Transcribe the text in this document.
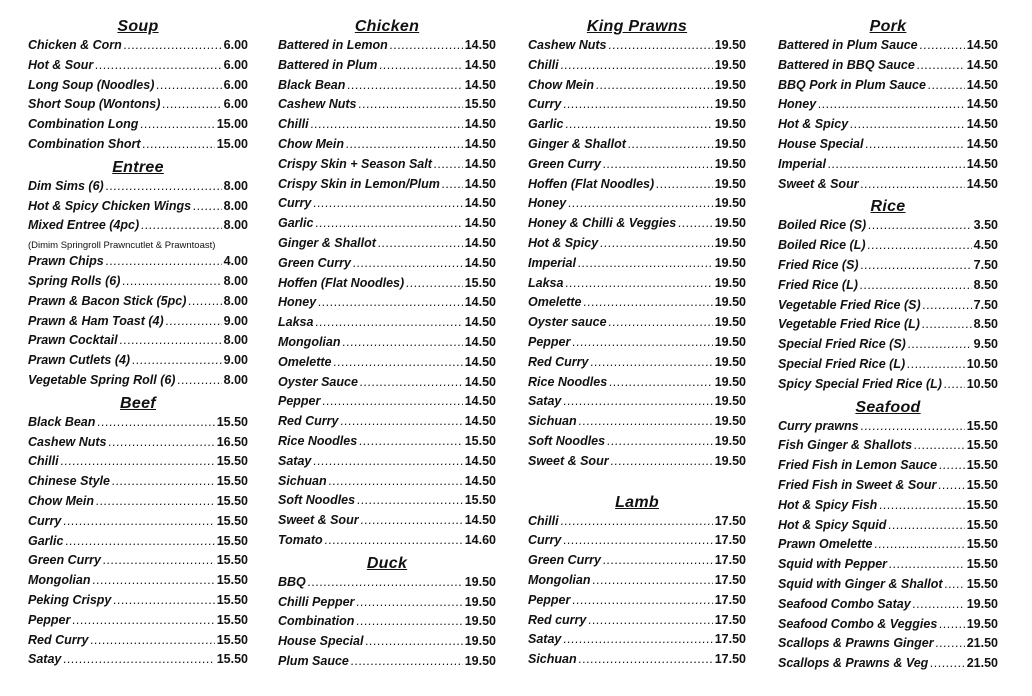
Soup
Chicken & Corn .....	6.00
Hot & Sour .....	6.00
Long Soup (Noodles) .....	6.00
Short Soup (Wontons) .....	6.00
Combination Long .....	15.00
Combination Short .....	15.00
Entree
Dim Sims (6) .....	8.00
Hot & Spicy Chicken Wings .....	8.00
Mixed Entree (4pc) .....	8.00
(Dimim Springroll Prawncutlet & Prawntoast)
Prawn Chips .....	4.00
Spring Rolls (6) .....	8.00
Prawn & Bacon Stick (5pc) .....	8.00
Prawn & Ham Toast (4) .....	9.00
Prawn Cocktail .....	8.00
Prawn Cutlets (4) .....	9.00
Vegetable Spring Roll (6) .....	8.00
Beef
Black Bean .....	15.50
Cashew Nuts .....	16.50
Chilli .....	15.50
Chinese Style .....	15.50
Chow Mein .....	15.50
Curry .....	15.50
Garlic .....	15.50
Green Curry .....	15.50
Mongolian .....	15.50
Peking Crispy .....	15.50
Pepper .....	15.50
Red Curry .....	15.50
Satay .....	15.50
Chicken
Battered in Lemon .....	14.50
Battered in Plum .....	14.50
Black Bean .....	14.50
Cashew Nuts .....	15.50
Chilli .....	14.50
Chow Mein .....	14.50
Crispy Skin + Season Salt .....	14.50
Crispy Skin in Lemon/Plum ..... 14.50
Curry .....	14.50
Garlic .....	14.50
Ginger & Shallot .....	14.50
Green Curry .....	14.50
Hoffen (Flat Noodles) .....	15.50
Honey .....	14.50
Laksa .....	14.50
Mongolian .....	14.50
Omelette .....	14.50
Oyster Sauce .....	14.50
Pepper .....	14.50
Red Curry .....	14.50
Rice Noodles .....	15.50
Satay .....	14.50
Sichuan .....	14.50
Soft Noodles .....	15.50
Sweet & Sour .....	14.50
Tomato .....	14.60
Duck
BBQ .....	19.50
Chilli Pepper .....	19.50
Combination .....	19.50
House Special .....	19.50
Plum Sauce .....	19.50
King Prawns
Cashew Nuts .....	19.50
Chilli .....	19.50
Chow Mein .....	19.50
Curry .....	19.50
Garlic .....	19.50
Ginger & Shallot .....	19.50
Green Curry .....	19.50
Hoffen (Flat Noodles) .....	19.50
Honey .....	19.50
Honey & Chilli & Veggies .....	19.50
Hot & Spicy .....	19.50
Imperial .....	19.50
Laksa .....	19.50
Omelette .....	19.50
Oyster sauce .....	19.50
Pepper .....	19.50
Red Curry .....	19.50
Rice Noodles .....	19.50
Satay .....	19.50
Sichuan .....	19.50
Soft Noodles .....	19.50
Sweet & Sour .....	19.50
Lamb
Chilli .....	17.50
Curry .....	17.50
Green Curry .....	17.50
Mongolian .....	17.50
Pepper .....	17.50
Red curry .....	17.50
Satay .....	17.50
Sichuan .....	17.50
Pork
Battered in Plum Sauce .....	14.50
Battered in BBQ Sauce .....	14.50
BBQ Pork in Plum Sauce .....	14.50
Honey .....	14.50
Hot & Spicy .....	14.50
House Special .....	14.50
Imperial .....	14.50
Sweet & Sour .....	14.50
Rice
Boiled Rice (S) .....	3.50
Boiled Rice (L) .....	4.50
Fried Rice (S) .....	7.50
Fried Rice (L) .....	8.50
Vegetable Fried Rice (S) .....	7.50
Vegetable Fried Rice (L) .....	8.50
Special Fried Rice (S) .....	9.50
Special Fried Rice (L) .....	10.50
Spicy Special Fried Rice (L) ..... 10.50
Seafood
Curry prawns .....	15.50
Fish Ginger & Shallots .....	15.50
Fried Fish in Lemon Sauce ..... 15.50
Fried Fish in Sweet & Sour ..... 15.50
Hot & Spicy Fish .....	15.50
Hot & Spicy Squid .....	15.50
Prawn Omelette .....	15.50
Squid with Pepper .....	15.50
Squid with Ginger & Shallot ..... 15.50
Seafood Combo Satay .....	19.50
Seafood Combo & Veggies ..... 19.50
Scallops & Prawns Ginger .....	21.50
Scallops & Prawns & Veg .....	21.50
